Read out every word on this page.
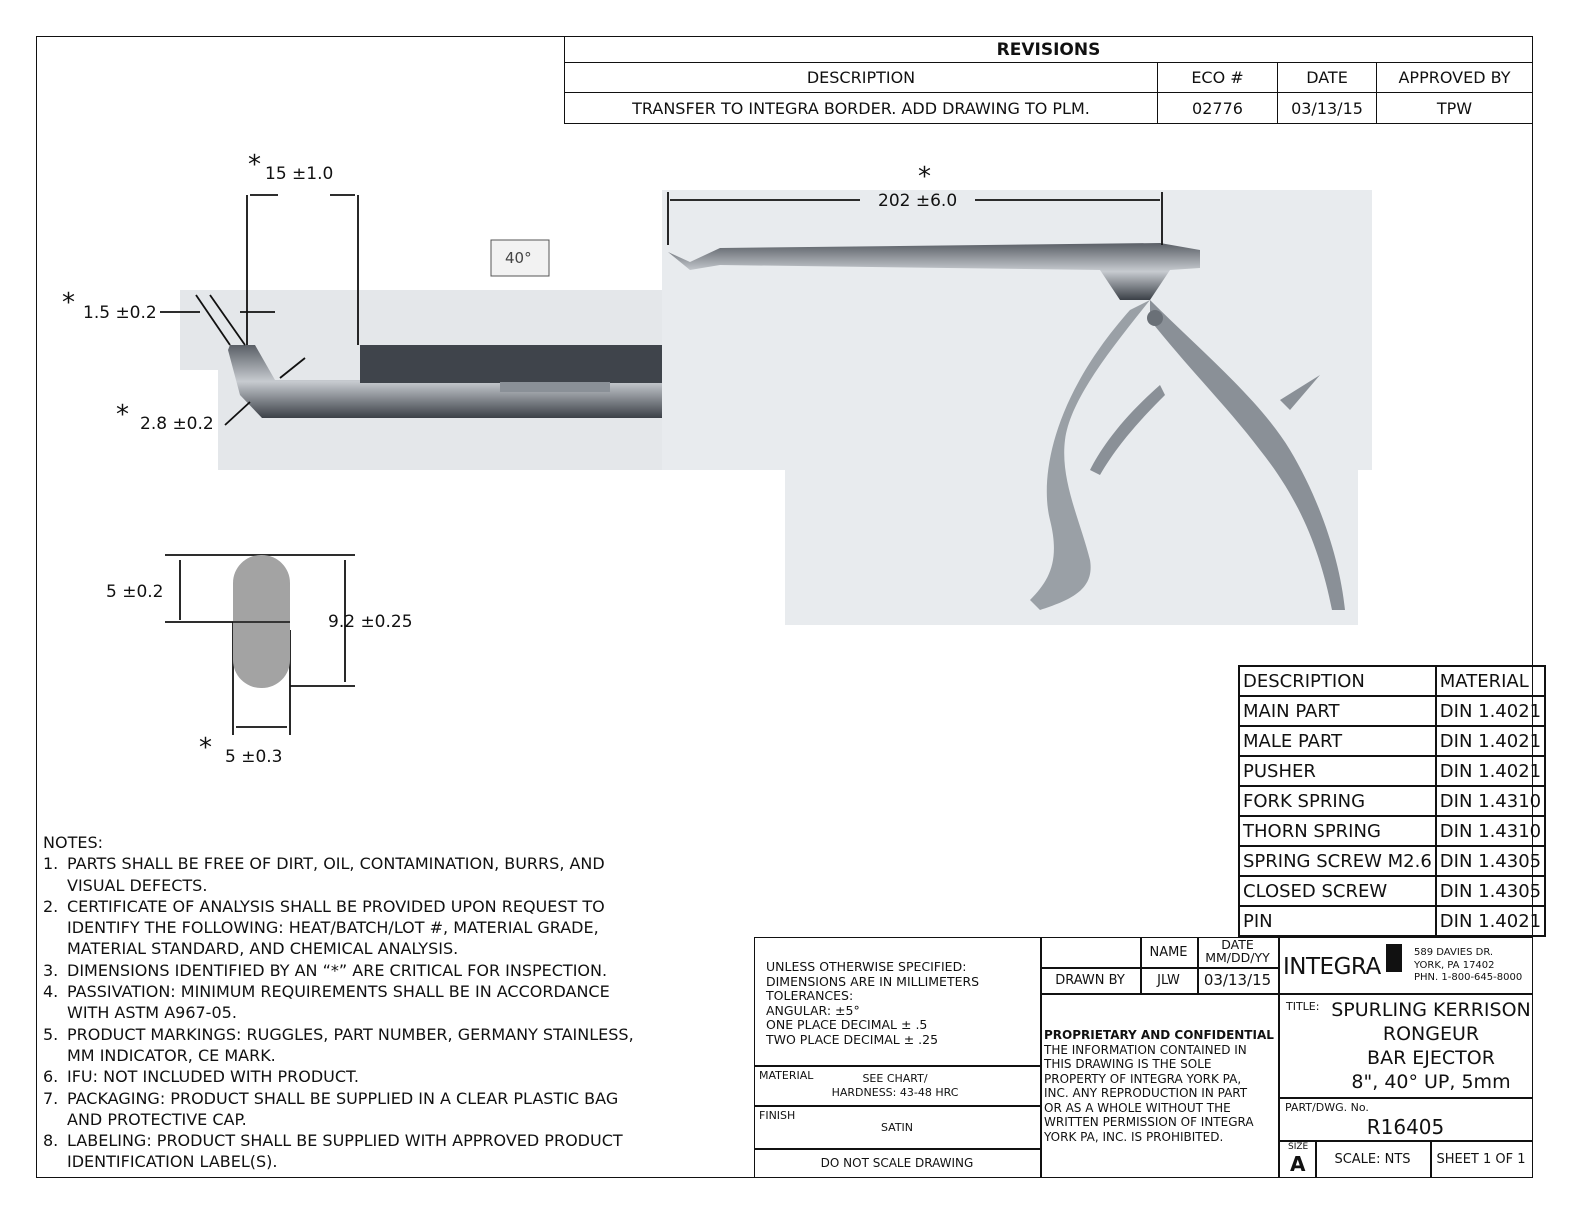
REVISIONS			
DESCRIPTION	ECO #	DATE	APPROVED BY
TRANSFER TO INTEGRA BORDER. ADD DRAWING TO PLM.	02776	03/13/15	TPW
* 15 ±1.0	*
202 ±6.0
40°
* 1.5 ±0.2
* 2.8 ±0.2
5 ±0.2
9.2 ±0.25
* 5 ±0.3
DESCRIPTION	MATERIAL
MAIN PART	DIN 1.4021
MALE PART	DIN 1.4021
PUSHER	DIN 1.4021
FORK SPRING	DIN 1.4310
THORN SPRING	DIN 1.4310
SPRING SCREW M2.6	DIN 1.4305
CLOSED SCREW	DIN 1.4305
PIN	DIN 1.4021
NOTES:
1. PARTS SHALL BE FREE OF DIRT, OIL, CONTAMINATION, BURRS, AND
VISUAL DEFECTS.
2. CERTIFICATE OF ANALYSIS SHALL BE PROVIDED UPON REQUEST TO
IDENTIFY THE FOLLOWING: HEAT/BATCH/LOT #, MATERIAL GRADE,
MATERIAL STANDARD, AND CHEMICAL ANALYSIS.
3. DIMENSIONS IDENTIFIED BY AN “*” ARE CRITICAL FOR INSPECTION.
4. PASSIVATION: MINIMUM REQUIREMENTS SHALL BE IN ACCORDANCE
WITH ASTM A967-05.
5. PRODUCT MARKINGS: RUGGLES, PART NUMBER, GERMANY STAINLESS,
MM INDICATOR, CE MARK.
6. IFU: NOT INCLUDED WITH PRODUCT.
7. PACKAGING: PRODUCT SHALL BE SUPPLIED IN A CLEAR PLASTIC BAG
AND PROTECTIVE CAP.
8. LABELING: PRODUCT SHALL BE SUPPLIED WITH APPROVED PRODUCT
IDENTIFICATION LABEL(S).
UNLESS OTHERWISE SPECIFIED:
DIMENSIONS ARE IN MILLIMETERS
TOLERANCES:
ANGULAR: ±5°
ONE PLACE DECIMAL ± .5
TWO PLACE DECIMAL ± .25
MATERIAL	SEE CHART/
HARDNESS: 43-48 HRC
FINISH
SATIN
DO NOT SCALE DRAWING
NAME
DATE
MM/DD/YY
DRAWN BY	JLW	03/13/15
PROPRIETARY AND CONFIDENTIAL
THE INFORMATION CONTAINED IN
THIS DRAWING IS THE SOLE
PROPERTY OF INTEGRA YORK PA,
INC. ANY REPRODUCTION IN PART
OR AS A WHOLE WITHOUT THE
WRITTEN PERMISSION OF INTEGRA
YORK PA, INC. IS PROHIBITED.
INTEGRA
589 DAVIES DR.
YORK, PA 17402
PHN. 1-800-645-8000
TITLE: SPURLING KERRISON
RONGEUR
BAR EJECTOR
8", 40° UP, 5mm
PART/DWG. No.
R16405
SIZE
A	SCALE: NTS	SHEET 1 OF 1
